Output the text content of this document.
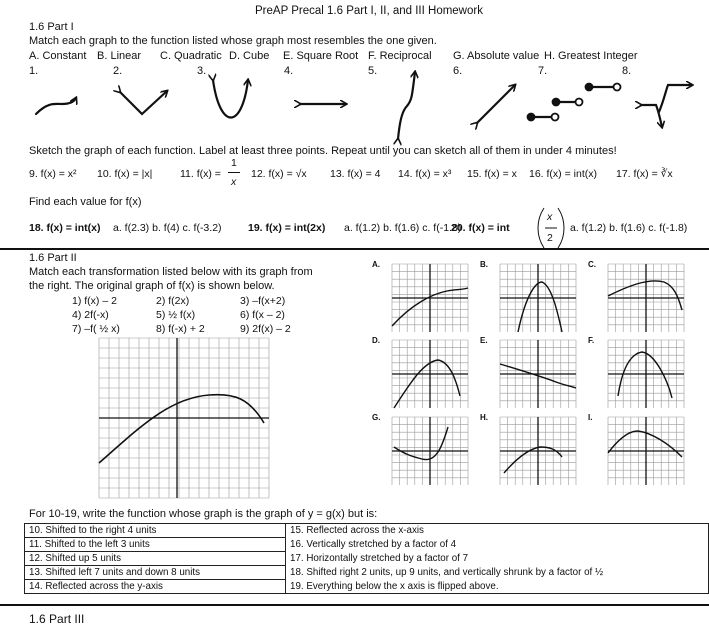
PreAP Precal 1.6 Part I, II, and III Homework
1.6 Part I
Match each graph to the function listed whose graph most resembles the one given.
A. Constant B. Linear C. Quadratic D. Cube E. Square Root F. Reciprocal G. Absolute value H. Greatest Integer
1.	2.	3.	4.	5.	6.	7.	8.
Sketch the graph of each function. Label at least three points. Repeat until you can sketch all of them in under 4 minutes!
9. f(x) = x² 10. f(x) = |x|	11. f(x) =
1
x
12. f(x) = √x 13. f(x) = 4 14. f(x) = x³ 15. f(x) = x 16. f(x) = int(x) 17. f(x) = ∛x
Find each value for f(x)
18. f(x) = int(x) a. f(2.3) b. f(4) c. f(-3.2)	19. f(x) = int(2x) a. f(1.2) b. f(1.6) c. f(-1.8)
20. f(x) = int
x
2
a. f(1.2) b. f(1.6) c. f(-1.8)
1.6 Part II
Match each transformation listed below with its graph from
the right. The original graph of f(x) is shown below.
1) f(x) – 2	2) f(2x)	3) –f(x+2)
4) 2f(-x)	5) ½ f(x)	6) f(x – 2)
7) –f( ½ x)	8) f(-x) + 2	9) 2f(x) – 2
A.	B.	C.
D.	E.	F.
G.	H.	I.
For 10-19, write the function whose graph is the graph of y = g(x) but is:
10. Shifted to the right 4 units	15. Reflected across the x-axis
11. Shifted to the left 3 units	16. Vertically stretched by a factor of 4
12. Shifted up 5 units	17. Horizontally stretched by a factor of 7
13. Shifted left 7 units and down 8 units	18. Shifted right 2 units, up 9 units, and vertically shrunk by a factor of ½
14. Reflected across the y-axis	19. Everything below the x axis is flipped above.
1.6 Part III
